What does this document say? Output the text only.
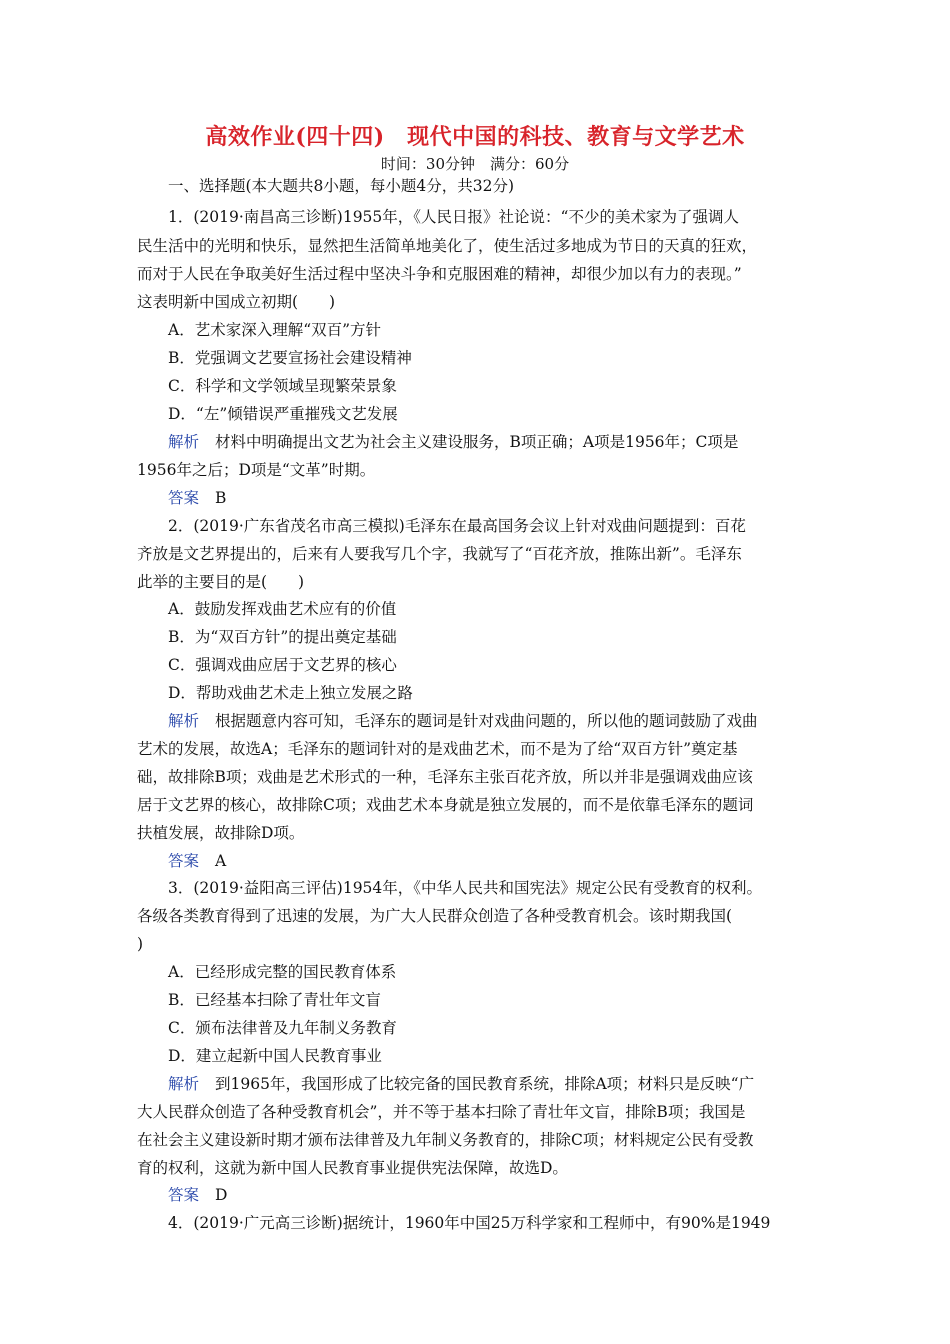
高效作业(四十四)　现代中国的科技、教育与文学艺术
时间：30分钟　满分：60分
一、选择题(本大题共8小题，每小题4分，共32分)
1．(2019·南昌高三诊断)1955年，《人民日报》社论说：“不少的美术家为了强调人
民生活中的光明和快乐，显然把生活简单地美化了，使生活过多地成为节日的天真的狂欢，
而对于人民在争取美好生活过程中坚决斗争和克服困难的精神，却很少加以有力的表现。”
这表明新中国成立初期(　　)
A．艺术家深入理解“双百”方针
B．党强调文艺要宣扬社会建设精神
C．科学和文学领域呈现繁荣景象
D．“左”倾错误严重摧残文艺发展
解析 材料中明确提出文艺为社会主义建设服务，B项正确；A项是1956年；C项是
1956年之后；D项是“文革”时期。
答案 B
2．(2019·广东省茂名市高三模拟)毛泽东在最高国务会议上针对戏曲问题提到：百花
齐放是文艺界提出的，后来有人要我写几个字，我就写了“百花齐放，推陈出新”。毛泽东
此举的主要目的是(　　)
A．鼓励发挥戏曲艺术应有的价值
B．为“双百方针”的提出奠定基础
C．强调戏曲应居于文艺界的核心
D．帮助戏曲艺术走上独立发展之路
解析 根据题意内容可知，毛泽东的题词是针对戏曲问题的，所以他的题词鼓励了戏曲
艺术的发展，故选A；毛泽东的题词针对的是戏曲艺术，而不是为了给“双百方针”奠定基
础，故排除B项；戏曲是艺术形式的一种，毛泽东主张百花齐放，所以并非是强调戏曲应该
居于文艺界的核心，故排除C项；戏曲艺术本身就是独立发展的，而不是依靠毛泽东的题词
扶植发展，故排除D项。
答案 A
3．(2019·益阳高三评估)1954年，《中华人民共和国宪法》规定公民有受教育的权利。
各级各类教育得到了迅速的发展，为广大人民群众创造了各种受教育机会。该时期我国(
)
A．已经形成完整的国民教育体系
B．已经基本扫除了青壮年文盲
C．颁布法律普及九年制义务教育
D．建立起新中国人民教育事业
解析 到1965年，我国形成了比较完备的国民教育系统，排除A项；材料只是反映“广
大人民群众创造了各种受教育机会”，并不等于基本扫除了青壮年文盲，排除B项；我国是
在社会主义建设新时期才颁布法律普及九年制义务教育的，排除C项；材料规定公民有受教
育的权利，这就为新中国人民教育事业提供宪法保障，故选D。
答案 D
4．(2019·广元高三诊断)据统计，1960年中国25万科学家和工程师中，有90%是1949
